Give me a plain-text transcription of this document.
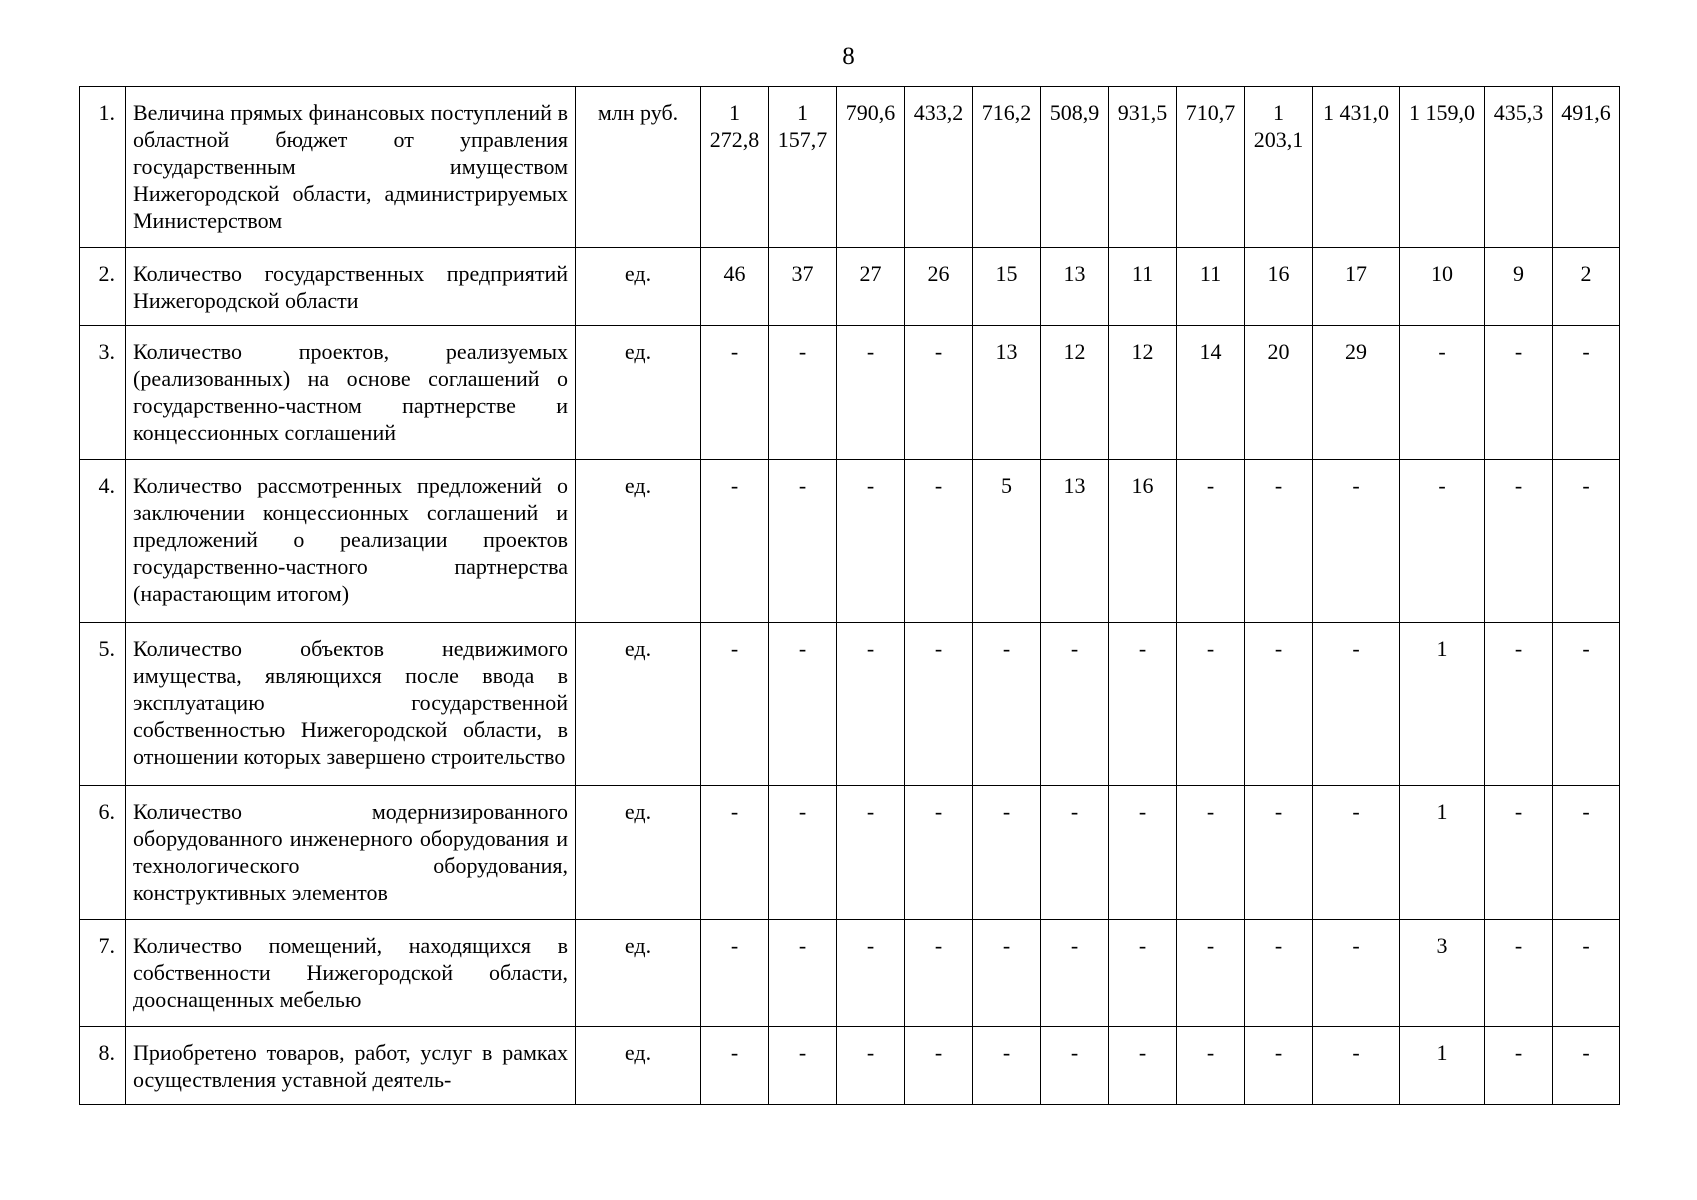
8
1.	Величина прямых финансовых поступлений в областной бюджет от управления государственным имуществом Нижегородской области, администрируемых Министерством	млн руб.	1 272,8	1 157,7	790,6	433,2	716,2	508,9	931,5	710,7	1 203,1	1 431,0	1 159,0	435,3	491,6
2.	Количество государственных предприятий Нижегородской области	ед.	46	37	27	26	15	13	11	11	16	17	10	9	2
3.	Количество проектов, реализуемых (реализованных) на основе соглашений о государственно-частном партнерстве и концессионных соглашений	ед.	-	-	-	-	13	12	12	14	20	29	-	-	-
4.	Количество рассмотренных предложений о заключении концессионных соглашений и предложений о реализации проектов государственно-частного партнерства (нарастающим итогом)	ед.	-	-	-	-	5	13	16	-	-	-	-	-	-
5.	Количество объектов недвижимого имущества, являющихся после ввода в эксплуатацию государственной собственностью Нижегородской области, в отношении которых завершено строительство	ед.	-	-	-	-	-	-	-	-	-	-	1	-	-
6.	Количество модернизированного оборудованного инженерного оборудования и технологического оборудования, конструктивных элементов	ед.	-	-	-	-	-	-	-	-	-	-	1	-	-
7.	Количество помещений, находящихся в собственности Нижегородской области, дооснащенных мебелью	ед.	-	-	-	-	-	-	-	-	-	-	3	-	-
8.	Приобретено товаров, работ, услуг в рамках осуществления уставной деятель-	ед.	-	-	-	-	-	-	-	-	-	-	1	-	-
